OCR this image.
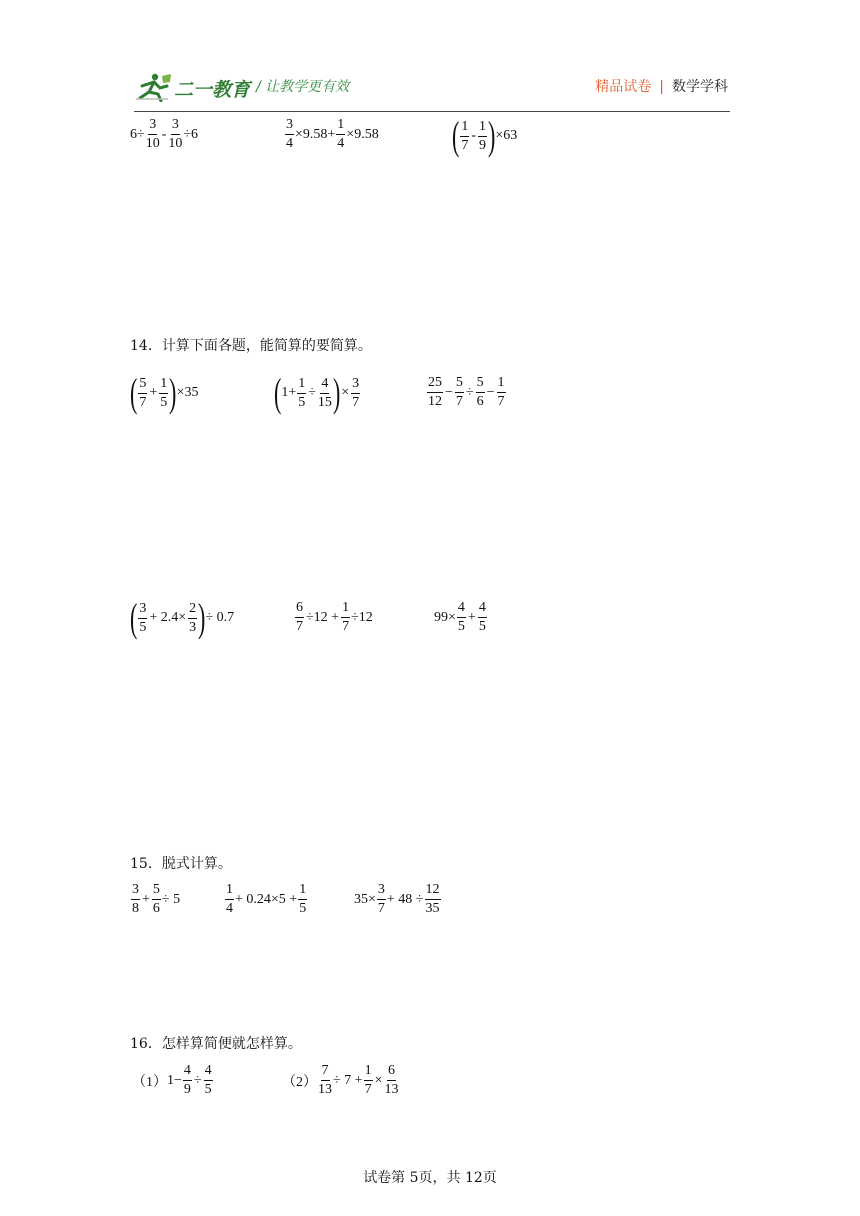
二一教育 / 让教学更有效	精品试卷 | 数学学科
$6\div \frac{3}{10} - \frac{3}{10} \div 6$	$\frac{3}{4} \times 9.58+ \frac{1}{4} \times 9.58$ ( $\frac{1}{7} - \frac{1}{9}$ ) ×63
14．计算下面各题，能简算的要简算。
( $\frac{5}{7} + \frac{1}{5}$ ) ×35 ( $1+ \frac{1}{5} \div \frac{4}{15}$ ) × $\frac{3}{7}$	$\frac{25}{12} - \frac{5}{7} \div \frac{5}{6} - \frac{1}{7}$
( $\frac{3}{5} + 2.4\times \frac{2}{3}$ ) ÷ 0.7	$\frac{6}{7} \div 12 + \frac{1}{7} \div 12$	$99\times \frac{4}{5} + \frac{4}{5}$
15．脱式计算。
$\frac{3}{8} + \frac{5}{6} \div 5$	$\frac{1}{4} + 0.24\times 5 + \frac{1}{5}$	$35\times \frac{3}{7} + 48 \div \frac{12}{35}$
16．怎样算简便就怎样算。
（1） $1- \frac{4}{9} \div \frac{4}{5}$	$(2) \frac{7}{13} \div 7 + \frac{1}{7} \times \frac{6}{13}$
试卷第 5页，共 12页
